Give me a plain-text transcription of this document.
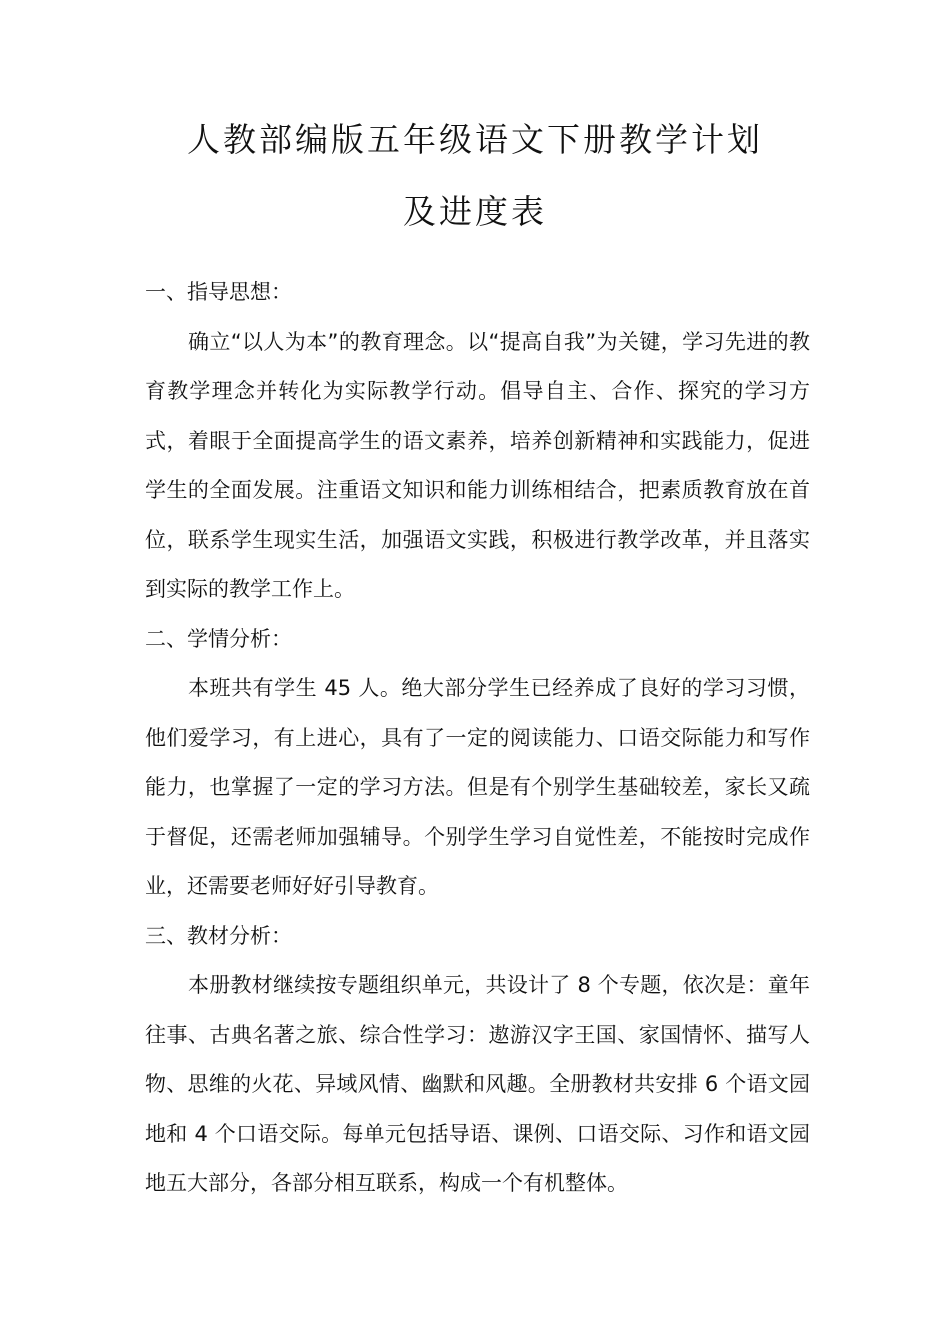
人教部编版五年级语文下册教学计划
及进度表

一、指导思想：

确立“以人为本”的教育理念。以“提高自我”为关键，学习先进的教育教学理念并转化为实际教学行动。倡导自主、合作、探究的学习方式，着眼于全面提高学生的语文素养，培养创新精神和实践能力，促进学生的全面发展。注重语文知识和能力训练相结合，把素质教育放在首位，联系学生现实生活，加强语文实践，积极进行教学改革，并且落实到实际的教学工作上。

二、学情分析：

本班共有学生 45 人。绝大部分学生已经养成了良好的学习习惯，他们爱学习，有上进心，具有了一定的阅读能力、口语交际能力和写作能力，也掌握了一定的学习方法。但是有个别学生基础较差，家长又疏于督促，还需老师加强辅导。个别学生学习自觉性差，不能按时完成作业，还需要老师好好引导教育。

三、教材分析：

本册教材继续按专题组织单元，共设计了 8 个专题，依次是：童年往事、古典名著之旅、综合性学习：遨游汉字王国、家国情怀、描写人物、思维的火花、异域风情、幽默和风趣。全册教材共安排 6 个语文园地和 4 个口语交际。每单元包括导语、课例、口语交际、习作和语文园地五大部分，各部分相互联系，构成一个有机整体。
